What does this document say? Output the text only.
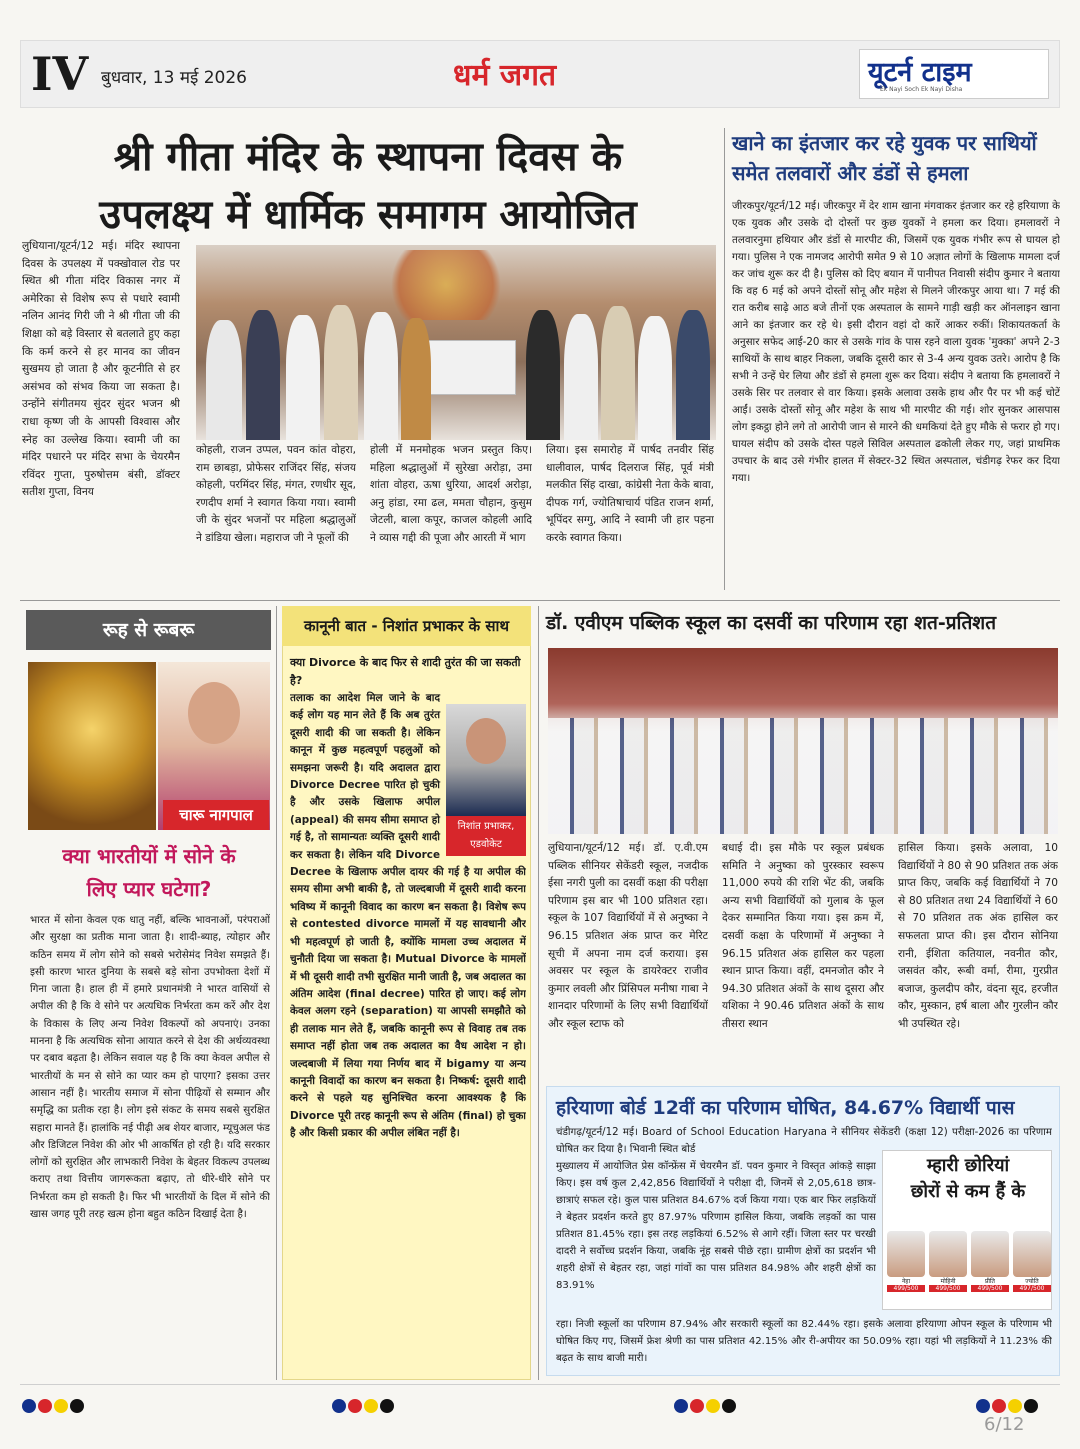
IV बुधवार, 13 मई 2026	धर्म जगत	यूटर्न टाइम
Ek Nayi Soch Ek Nayi Disha
श्री गीता मंदिर के स्थापना दिवस के
उपलक्ष्य में धार्मिक समागम आयोजित
लुधियाना/यूटर्न/12 मई। मंदिर स्थापना दिवस के उपलक्ष्य में पक्खोवाल रोड पर स्थित श्री गीता मंदिर विकास नगर में अमेरिका से विशेष रूप से पधारे स्वामी नलिन आनंद गिरी जी ने श्री गीता जी की शिक्षा को बड़े विस्तार से बतलाते हुए कहा कि कर्म करने से हर मानव का जीवन सुखमय हो जाता है और कूटनीति से हर असंभव को संभव किया जा सकता है। उन्होंने संगीतमय सुंदर सुंदर भजन श्री राधा कृष्ण जी के आपसी विश्वास और स्नेह का उल्लेख किया। स्वामी जी का मंदिर पधारने पर मंदिर सभा के चेयरमैन रविंदर गुप्ता, पुरुषोत्तम बंसी, डॉक्टर सतीश गुप्ता, विनय
कोहली, राजन उप्पल, पवन कांत वोहरा, राम छाबड़ा, प्रोफेसर राजिंदर सिंह, संजय कोहली, परमिंदर सिंह, मंगत, रणधीर सूद, रणदीप शर्मा ने स्वागत किया गया। स्वामी जी के सुंदर भजनों पर महिला श्रद्धालुओं ने डांडिया खेला। महाराज जी ने फूलों की
होली में मनमोहक भजन प्रस्तुत किए। महिला श्रद्धालुओं में सुरेखा अरोड़ा, उमा शांता वोहरा, ऊषा धुरिया, आदर्श अरोड़ा, अनु हांडा, रमा ढल, ममता चौहान, कुसुम जेटली, बाला कपूर, काजल कोहली आदि ने व्यास गद्दी की पूजा और आरती में भाग
लिया। इस समारोह में पार्षद तनवीर सिंह धालीवाल, पार्षद दिलराज सिंह, पूर्व मंत्री मलकीत सिंह दाखा, कांग्रेसी नेता केके बावा, दीपक गर्ग, ज्योतिषाचार्य पंडित राजन शर्मा, भूपिंदर सग्गु, आदि ने स्वामी जी हार पहना करके स्वागत किया।
खाने का इंतजार कर रहे युवक पर साथियों
समेत तलवारों और डंडों से हमला
जीरकपुर/यूटर्न/12 मई। जीरकपुर में देर शाम खाना मंगवाकर इंतजार कर रहे हरियाणा के एक युवक और उसके दो दोस्तों पर कुछ युवकों ने हमला कर दिया। हमलावरों ने तलवारनुमा हथियार और डंडों से मारपीट की, जिसमें एक युवक गंभीर रूप से घायल हो गया। पुलिस ने एक नामजद आरोपी समेत 9 से 10 अज्ञात लोगों के खिलाफ मामला दर्ज कर जांच शुरू कर दी है। पुलिस को दिए बयान में पानीपत निवासी संदीप कुमार ने बताया कि वह 6 मई को अपने दोस्तों सोनू और महेश से मिलने जीरकपुर आया था। 7 मई की रात करीब साढ़े आठ बजे तीनों एक अस्पताल के सामने गाड़ी खड़ी कर ऑनलाइन खाना आने का इंतजार कर रहे थे। इसी दौरान वहां दो कारें आकर रुकीं। शिकायतकर्ता के अनुसार सफेद आई-20 कार से उसके गांव के पास रहने वाला युवक 'मुक्का' अपने 2-3 साथियों के साथ बाहर निकला, जबकि दूसरी कार से 3-4 अन्य युवक उतरे। आरोप है कि सभी ने उन्हें घेर लिया और डंडों से हमला शुरू कर दिया। संदीप ने बताया कि हमलावरों ने उसके सिर पर तलवार से वार किया। इसके अलावा उसके हाथ और पैर पर भी कई चोटें आईं। उसके दोस्तों सोनू और महेश के साथ भी मारपीट की गई। शोर सुनकर आसपास लोग इकट्ठा होने लगे तो आरोपी जान से मारने की धमकियां देते हुए मौके से फरार हो गए। घायल संदीप को उसके दोस्त पहले सिविल अस्पताल ढकोली लेकर गए, जहां प्राथमिक उपचार के बाद उसे गंभीर हालत में सेक्टर-32 स्थित अस्पताल, चंडीगढ़ रेफर कर दिया गया।
रूह से रूबरू
चारू नागपाल
क्या भारतीयों में सोने के
लिए प्यार घटेगा?
भारत में सोना केवल एक धातु नहीं, बल्कि भावनाओं, परंपराओं और सुरक्षा का प्रतीक माना जाता है। शादी-ब्याह, त्योहार और कठिन समय में लोग सोने को सबसे भरोसेमंद निवेश समझते हैं। इसी कारण भारत दुनिया के सबसे बड़े सोना उपभोक्ता देशों में गिना जाता है। हाल ही में हमारे प्रधानमंत्री ने भारत वासियों से अपील की है कि वे सोने पर अत्यधिक निर्भरता कम करें और देश के विकास के लिए अन्य निवेश विकल्पों को अपनाएं। उनका मानना है कि अत्यधिक सोना आयात करने से देश की अर्थव्यवस्था पर दबाव बढ़ता है। लेकिन सवाल यह है कि क्या केवल अपील से भारतीयों के मन से सोने का प्यार कम हो पाएगा? इसका उत्तर आसान नहीं है। भारतीय समाज में सोना पीढ़ियों से सम्मान और समृद्धि का प्रतीक रहा है। लोग इसे संकट के समय सबसे सुरक्षित सहारा मानते हैं। हालांकि नई पीढ़ी अब शेयर बाजार, म्यूचुअल फंड और डिजिटल निवेश की ओर भी आकर्षित हो रही है। यदि सरकार लोगों को सुरक्षित और लाभकारी निवेश के बेहतर विकल्प उपलब्ध कराए तथा वित्तीय जागरूकता बढ़ाए, तो धीरे-धीरे सोने पर निर्भरता कम हो सकती है। फिर भी भारतीयों के दिल में सोने की खास जगह पूरी तरह खत्म होना बहुत कठिन दिखाई देता है।
कानूनी बात - निशांत प्रभाकर के साथ
क्या Divorce के बाद फिर से शादी तुरंत की जा सकती है?
निशांत प्रभाकर,
एडवोकेट
तलाक का आदेश मिल जाने के बाद कई लोग यह मान लेते हैं कि अब तुरंत दूसरी शादी की जा सकती है। लेकिन कानून में कुछ महत्वपूर्ण पहलुओं को समझना जरूरी है। यदि अदालत द्वारा Divorce Decree पारित हो चुकी है और उसके खिलाफ अपील (appeal) की समय सीमा समाप्त हो गई है, तो सामान्यतः व्यक्ति दूसरी शादी कर सकता है। लेकिन यदि Divorce Decree के खिलाफ अपील दायर की गई है या अपील की समय सीमा अभी बाकी है, तो जल्दबाजी में दूसरी शादी करना भविष्य में कानूनी विवाद का कारण बन सकता है। विशेष रूप से contested divorce मामलों में यह सावधानी और भी महत्वपूर्ण हो जाती है, क्योंकि मामला उच्च अदालत में चुनौती दिया जा सकता है। Mutual Divorce के मामलों में भी दूसरी शादी तभी सुरक्षित मानी जाती है, जब अदालत का अंतिम आदेश (final decree) पारित हो जाए। कई लोग केवल अलग रहने (separation) या आपसी समझौते को ही तलाक मान लेते हैं, जबकि कानूनी रूप से विवाह तब तक समाप्त नहीं होता जब तक अदालत का वैध आदेश न हो। जल्दबाजी में लिया गया निर्णय बाद में bigamy या अन्य कानूनी विवादों का कारण बन सकता है। निष्कर्ष: दूसरी शादी करने से पहले यह सुनिश्चित करना आवश्यक है कि Divorce पूरी तरह कानूनी रूप से अंतिम (final) हो चुका है और किसी प्रकार की अपील लंबित नहीं है।
डॉ. एवीएम पब्लिक स्कूल का दसवीं का परिणाम रहा शत-प्रतिशत
लुधियाना/यूटर्न/12 मई। डॉ. ए.वी.एम पब्लिक सीनियर सेकेंडरी स्कूल, नजदीक ईसा नगरी पुली का दसवीं कक्षा की परीक्षा परिणाम इस बार भी 100 प्रतिशत रहा। स्कूल के 107 विद्यार्थियों में से अनुष्का ने 96.15 प्रतिशत अंक प्राप्त कर मेरिट सूची में अपना नाम दर्ज कराया। इस अवसर पर स्कूल के डायरेक्टर राजीव कुमार लवली और प्रिंसिपल मनीषा गाबा ने शानदार परिणामों के लिए सभी विद्यार्थियों और स्कूल स्टाफ को
बधाई दी। इस मौके पर स्कूल प्रबंधक समिति ने अनुष्का को पुरस्कार स्वरूप 11,000 रुपये की राशि भेंट की, जबकि अन्य सभी विद्यार्थियों को गुलाब के फूल देकर सम्मानित किया गया। इस क्रम में, दसवीं कक्षा के परिणामों में अनुष्का ने 96.15 प्रतिशत अंक हासिल कर पहला स्थान प्राप्त किया। वहीं, दमनजोत कौर ने 94.30 प्रतिशत अंकों के साथ दूसरा और यशिका ने 90.46 प्रतिशत अंकों के साथ तीसरा स्थान
हासिल किया। इसके अलावा, 10 विद्यार्थियों ने 80 से 90 प्रतिशत तक अंक प्राप्त किए, जबकि कई विद्यार्थियों ने 70 से 80 प्रतिशत तथा 24 विद्यार्थियों ने 60 से 70 प्रतिशत तक अंक हासिल कर सफलता प्राप्त की। इस दौरान सोनिया रानी, ईशिता कतियाल, नवनीत कौर, जसवंत कौर, रूबी वर्मा, रीमा, गुरप्रीत बजाज, कुलदीप कौर, वंदना सूद, हरजीत कौर, मुस्कान, हर्ष बाला और गुरलीन कौर भी उपस्थित रहे।
हरियाणा बोर्ड 12वीं का परिणाम घोषित, 84.67% विद्यार्थी पास
चंडीगढ़/यूटर्न/12 मई। Board of School Education Haryana ने सीनियर सेकेंडरी (कक्षा 12) परीक्षा-2026 का परिणाम घोषित कर दिया है। भिवानी स्थित बोर्ड
मुख्यालय में आयोजित प्रेस कॉन्फ्रेंस में चेयरमैन डॉ. पवन कुमार ने विस्तृत आंकड़े साझा किए। इस वर्ष कुल 2,42,856 विद्यार्थियों ने परीक्षा दी, जिनमें से 2,05,618 छात्र-छात्राएं सफल रहे। कुल पास प्रतिशत 84.67% दर्ज किया गया। एक बार फिर लड़कियों ने बेहतर प्रदर्शन करते हुए 87.97% परिणाम हासिल किया, जबकि लड़कों का पास प्रतिशत 81.45% रहा। इस तरह लड़कियां 6.52% से आगे रहीं। जिला स्तर पर चरखी दादरी ने सर्वोच्च प्रदर्शन किया, जबकि नूंह सबसे पीछे रहा। ग्रामीण क्षेत्रों का प्रदर्शन भी शहरी क्षेत्रों से बेहतर रहा, जहां गांवों का पास प्रतिशत 84.98% और शहरी क्षेत्रों का 83.91%
रहा। निजी स्कूलों का परिणाम 87.94% और सरकारी स्कूलों का 82.44% रहा। इसके अलावा हरियाणा ओपन स्कूल के परिणाम भी घोषित किए गए, जिसमें फ्रेश श्रेणी का पास प्रतिशत 42.15% और री-अपीयर का 50.09% रहा। यहां भी लड़कियों ने 11.23% की बढ़त के साथ बाजी मारी।
म्हारी छोरियां
छोरों से कम हैं के
नेहा
499/500
मोहिनी
499/500
प्रीति
499/500
ज्योति
497/500
6/12
